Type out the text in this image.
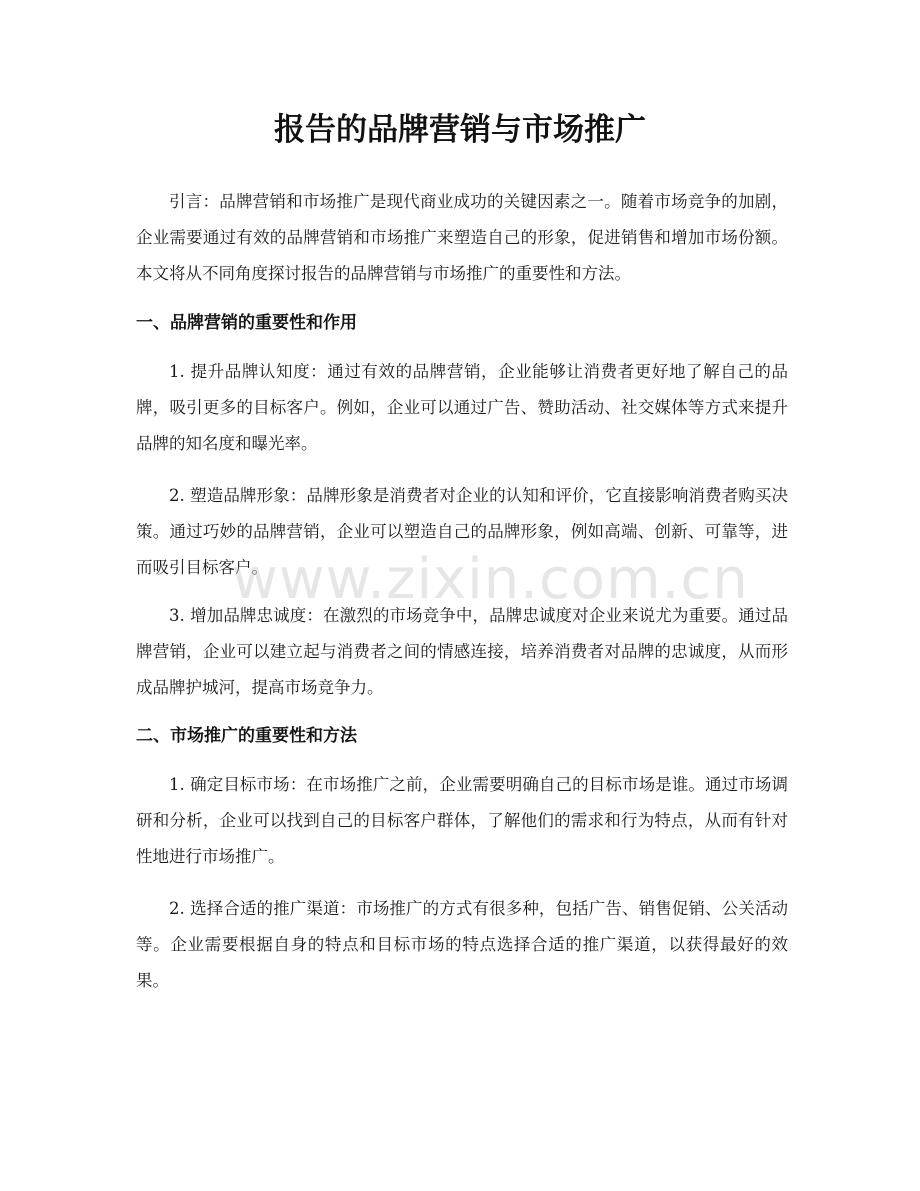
报告的品牌营销与市场推广

引言：品牌营销和市场推广是现代商业成功的关键因素之一。随着市场竞争的加剧，企业需要通过有效的品牌营销和市场推广来塑造自己的形象，促进销售和增加市场份额。本文将从不同角度探讨报告的品牌营销与市场推广的重要性和方法。

一、品牌营销的重要性和作用

1. 提升品牌认知度：通过有效的品牌营销，企业能够让消费者更好地了解自己的品牌，吸引更多的目标客户。例如，企业可以通过广告、赞助活动、社交媒体等方式来提升品牌的知名度和曝光率。

2. 塑造品牌形象：品牌形象是消费者对企业的认知和评价，它直接影响消费者购买决策。通过巧妙的品牌营销，企业可以塑造自己的品牌形象，例如高端、创新、可靠等，进而吸引目标客户。

3. 增加品牌忠诚度：在激烈的市场竞争中，品牌忠诚度对企业来说尤为重要。通过品牌营销，企业可以建立起与消费者之间的情感连接，培养消费者对品牌的忠诚度，从而形成品牌护城河，提高市场竞争力。

二、市场推广的重要性和方法

1. 确定目标市场：在市场推广之前，企业需要明确自己的目标市场是谁。通过市场调研和分析，企业可以找到自己的目标客户群体，了解他们的需求和行为特点，从而有针对性地进行市场推广。

2. 选择合适的推广渠道：市场推广的方式有很多种，包括广告、销售促销、公关活动等。企业需要根据自身的特点和目标市场的特点选择合适的推广渠道，以获得最好的效果。

www.zixin.com.cn
